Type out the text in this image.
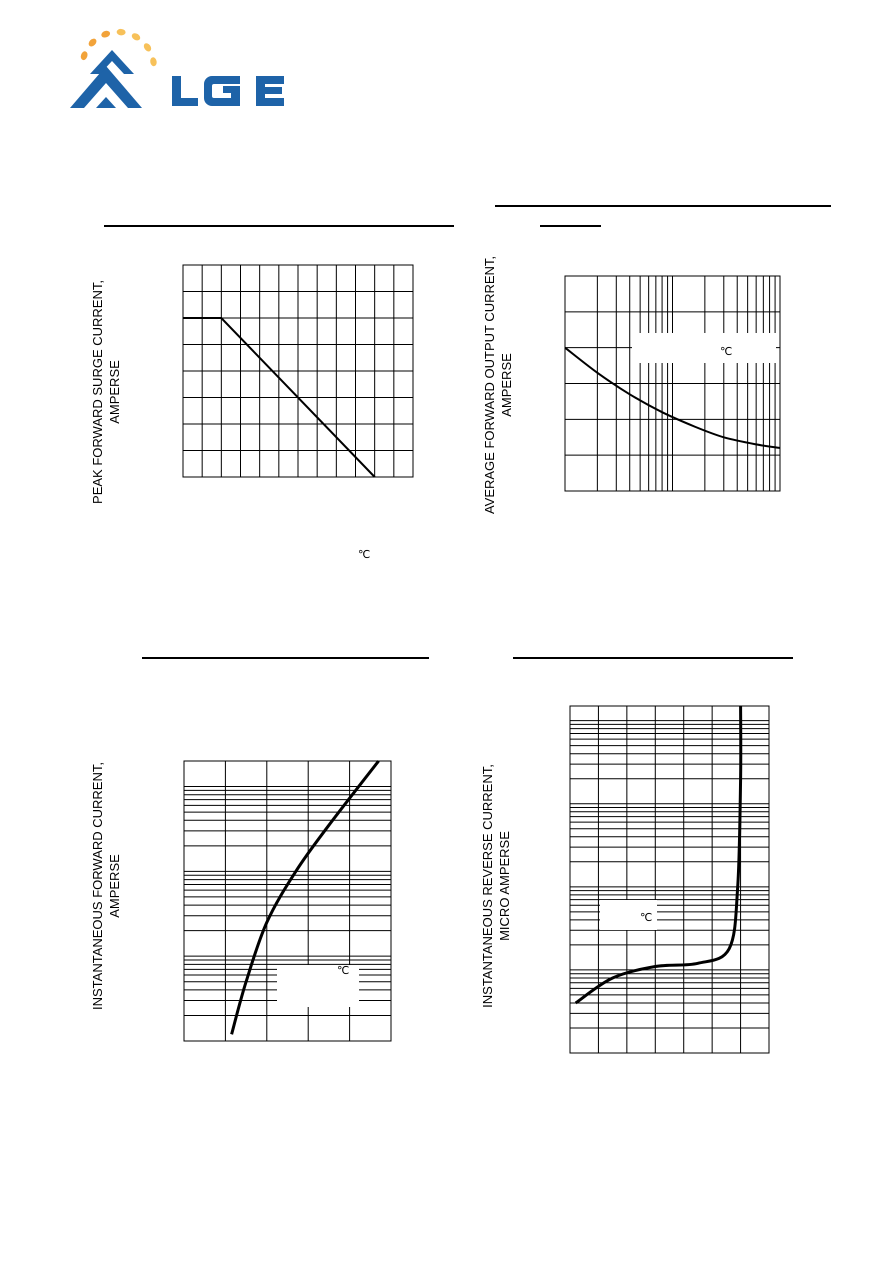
PEAK FORWARD SURGE CURRENT, AMPERSE	AVERAGE FORWARD OUTPUT CURRENT, AMPERSE
INSTANTANEOUS FORWARD CURRENT, AMPERSE	INSTANTANEOUS REVERSE CURRENT, MICRO AMPERSE
℃
℃
℃
℃
